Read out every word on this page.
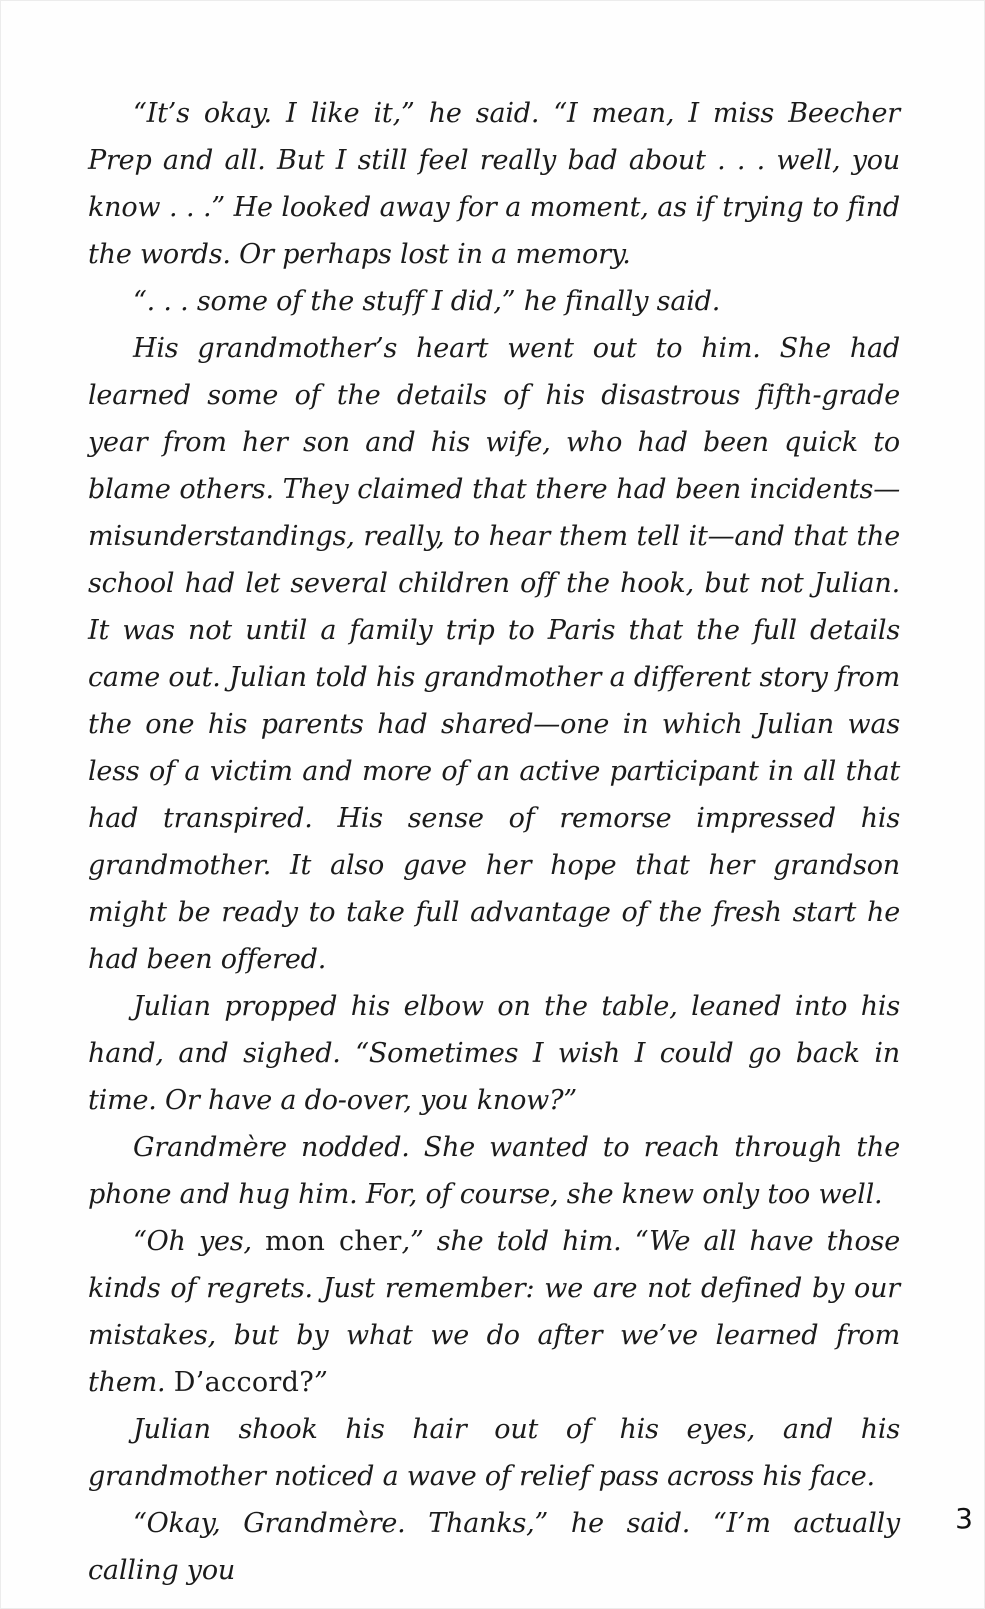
“It’s okay. I like it,” he said. “I mean, I miss Beecher Prep and all. But I still feel really bad about . . . well, you know . . .” He looked away for a moment, as if trying to find the words. Or perhaps lost in a memory.

“. . . some of the stuff I did,” he finally said.

His grandmother’s heart went out to him. She had learned some of the details of his disastrous fifth-grade year from her son and his wife, who had been quick to blame others. They claimed that there had been incidents—misunderstandings, really, to hear them tell it—and that the school had let several children off the hook, but not Julian. It was not until a family trip to Paris that the full details came out. Julian told his grandmother a different story from the one his parents had shared—one in which Julian was less of a victim and more of an active participant in all that had transpired. His sense of remorse impressed his grandmother. It also gave her hope that her grandson might be ready to take full advantage of the fresh start he had been offered.

Julian propped his elbow on the table, leaned into his hand, and sighed. “Sometimes I wish I could go back in time. Or have a do-over, you know?”

Grandmère nodded. She wanted to reach through the phone and hug him. For, of course, she knew only too well.

“Oh yes, mon cher,” she told him. “We all have those kinds of regrets. Just remember: we are not defined by our mistakes, but by what we do after we’ve learned from them. D’accord?”

Julian shook his hair out of his eyes, and his grandmother noticed a wave of relief pass across his face.

“Okay, Grandmère. Thanks,” he said. “I’m actually calling you

3
